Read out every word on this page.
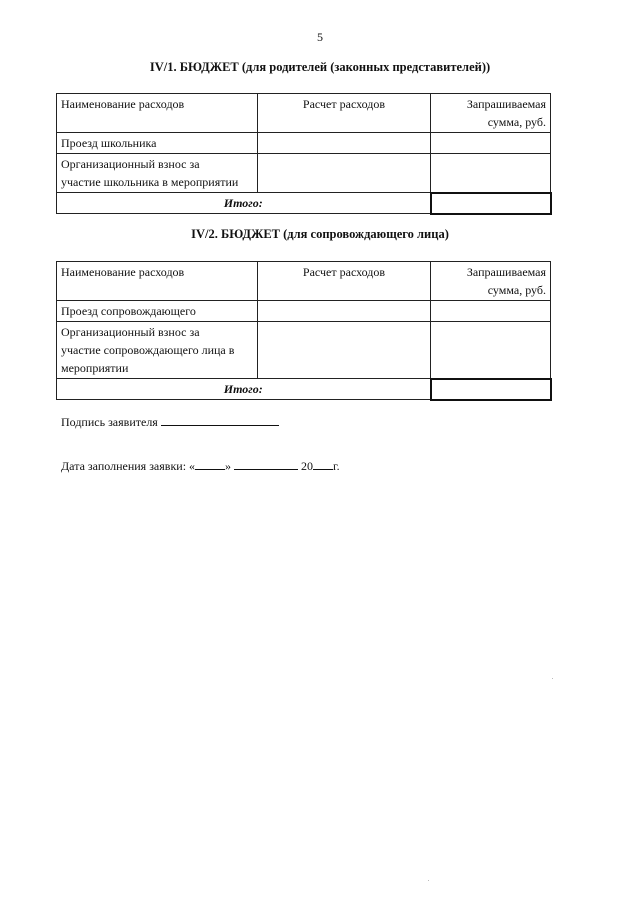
5
IV/1. БЮДЖЕТ (для родителей (законных представителей))
Наименование расходов	Расчет расходов	Запрашиваемая
сумма, руб.
Проезд школьника		
Организационный взнос за
участие школьника в мероприятии		
Итого:		
IV/2. БЮДЖЕТ (для сопровождающего лица)
Наименование расходов	Расчет расходов	Запрашиваемая
сумма, руб.
Проезд сопровождающего		
Организационный взнос за
участие сопровождающего лица в
мероприятии		
Итого:		
Подпись заявителя
Дата заполнения заявки: «	»	20 г.
